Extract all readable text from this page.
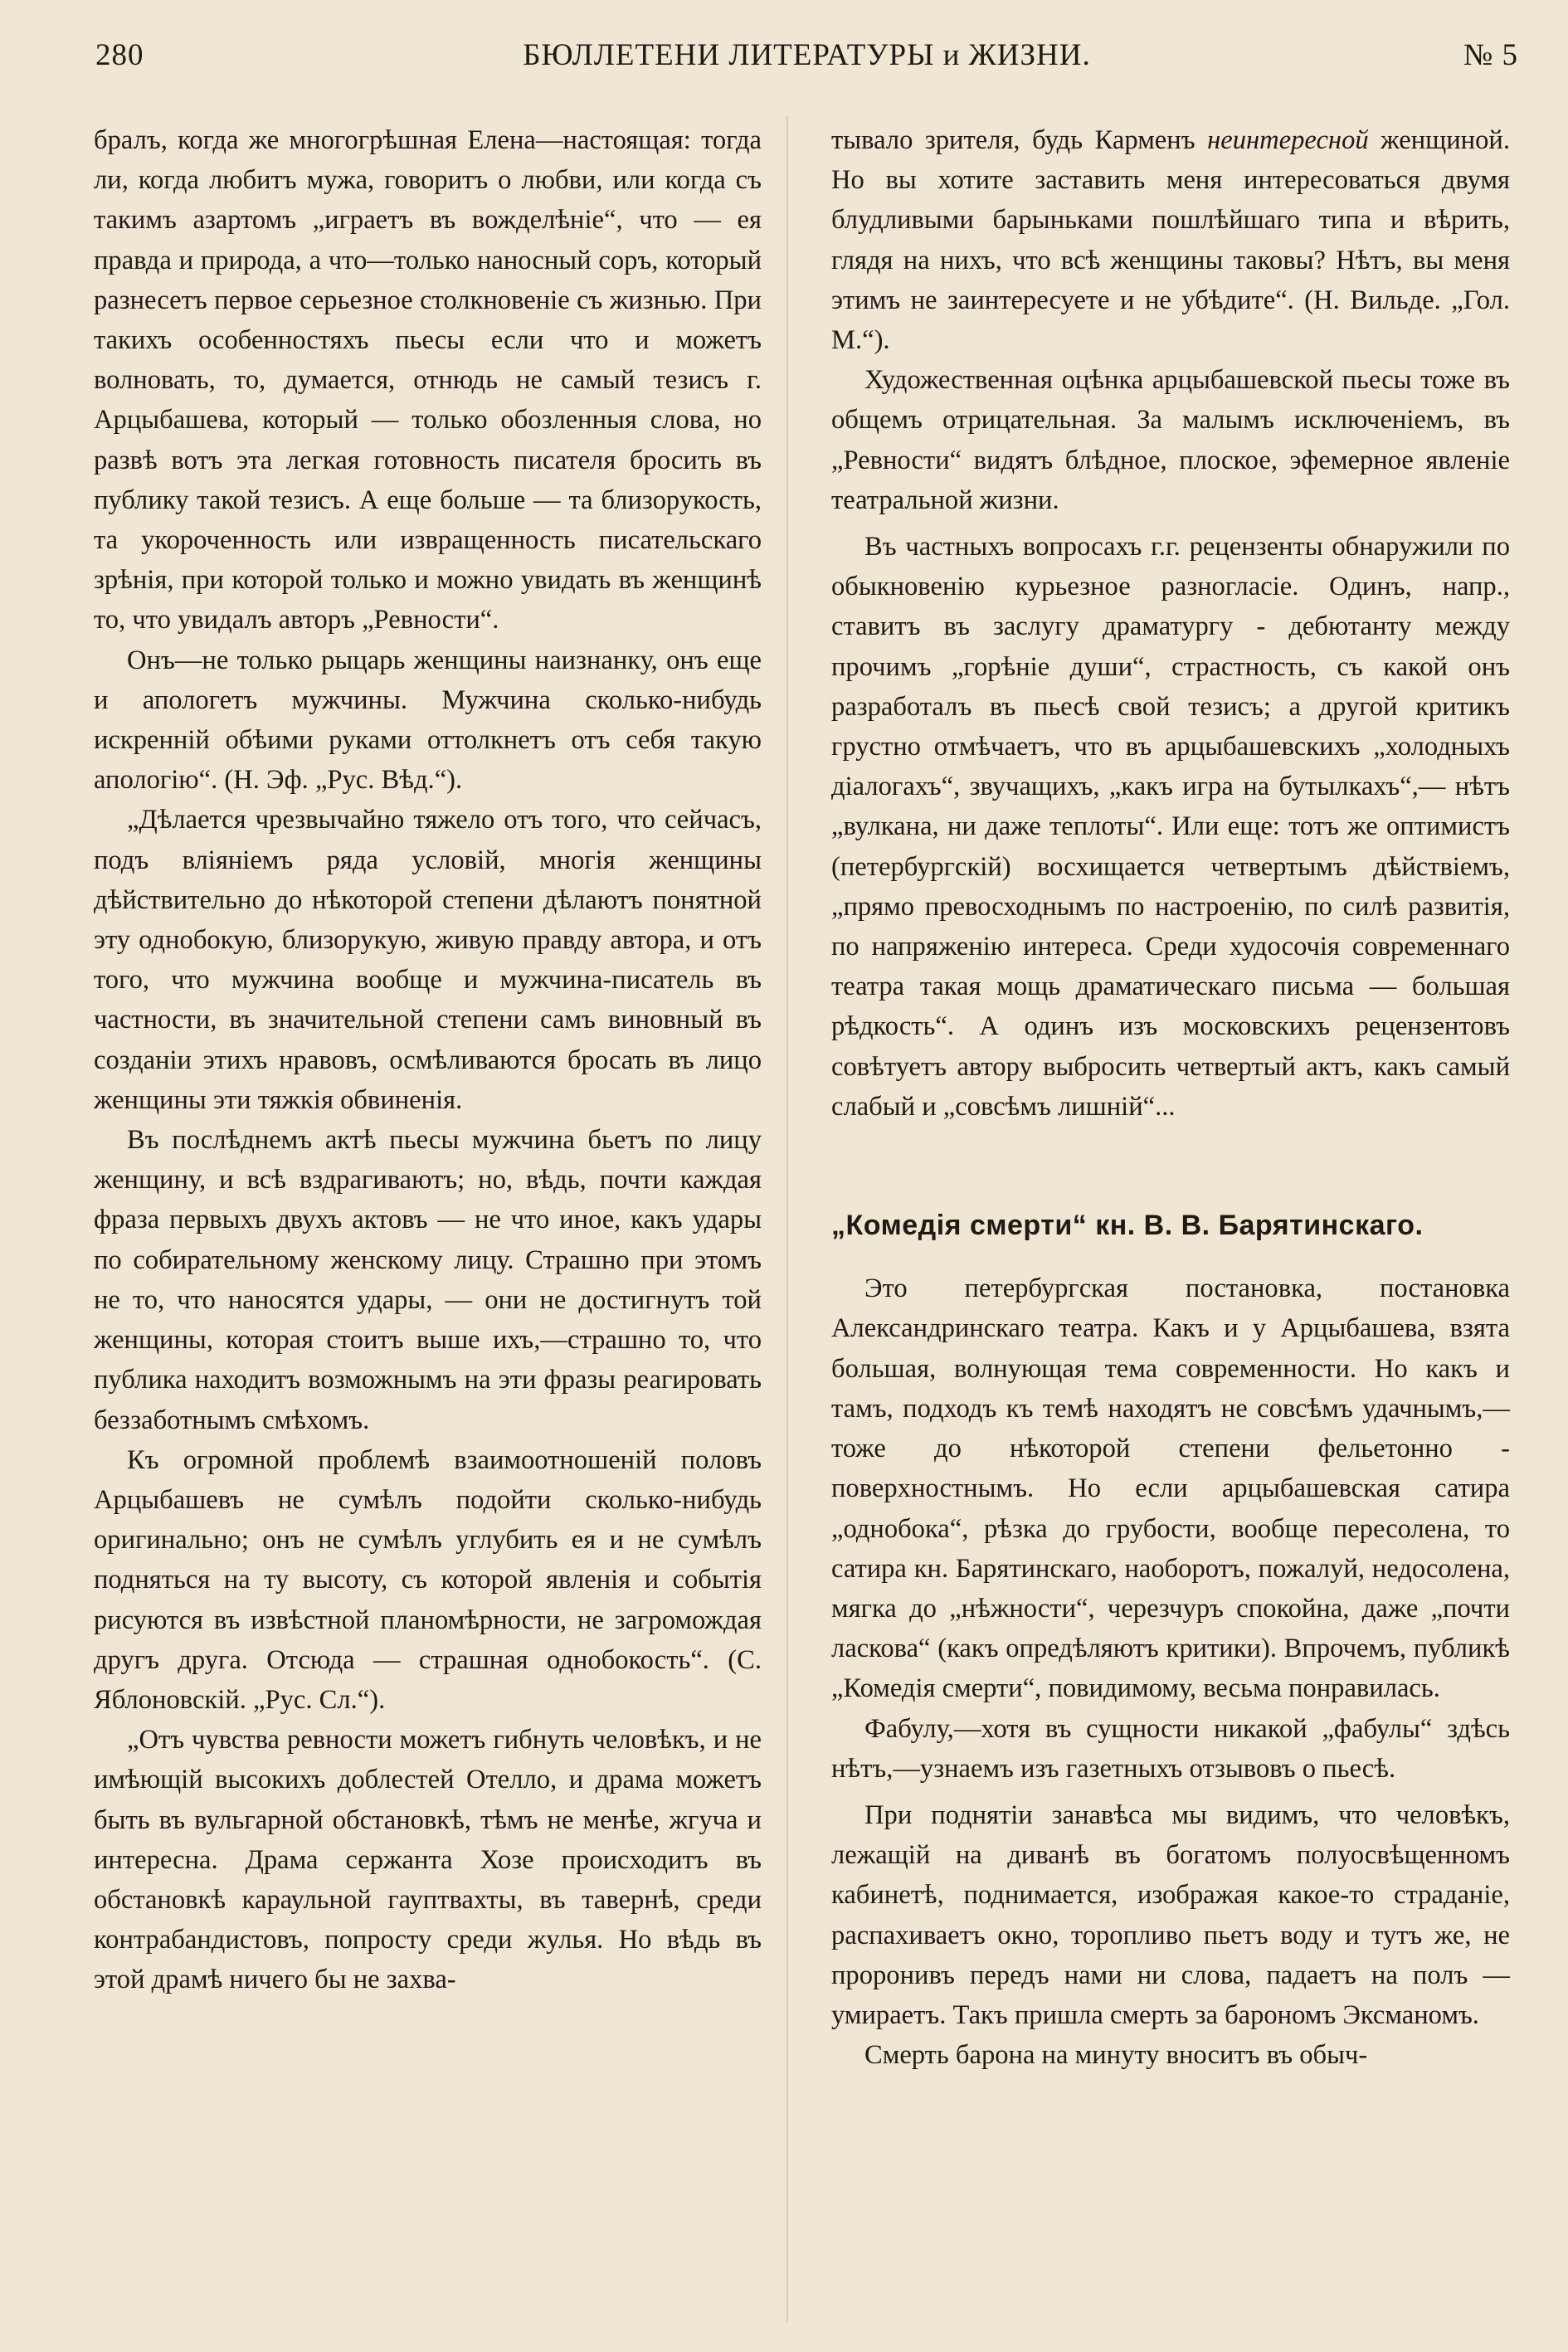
280	БЮЛЛЕТЕНИ ЛИТЕРАТУРЫ и ЖИЗНИ.	№ 5

бралъ, когда же многогрѣшная Елена—настоящая: тогда ли, когда любитъ мужа, говоритъ о любви, или когда съ такимъ азартомъ „играетъ въ вожделѣніе“, что — ея правда и природа, а что—только наносный соръ, который разнесетъ первое серьезное столкновеніе съ жизнью. При такихъ особенностяхъ пьесы если что и можетъ волновать, то, думается, отнюдь не самый тезисъ г. Арцыбашева, который — только обозленныя слова, но развѣ вотъ эта легкая готовность писателя бросить въ публику такой тезисъ. А еще больше — та близорукость, та укороченность или извращенность писательскаго зрѣнія, при которой только и можно увидать въ женщинѣ то, что увидалъ авторъ „Ревности“.

Онъ—не только рыцарь женщины наизнанку, онъ еще и апологетъ мужчины. Мужчина сколько-нибудь искренній обѣими руками оттолкнетъ отъ себя такую апологію“. (Н. Эф. „Рус. Вѣд.“).

„Дѣлается чрезвычайно тяжело отъ того, что сейчасъ, подъ вліяніемъ ряда условій, многія женщины дѣйствительно до нѣкоторой степени дѣлаютъ понятной эту однобокую, близорукую, живую правду автора, и отъ того, что мужчина вообще и мужчина-писатель въ частности, въ значительной степени самъ виновный въ созданіи этихъ нравовъ, осмѣливаются бросать въ лицо женщины эти тяжкія обвиненія.

Въ послѣднемъ актѣ пьесы мужчина бьетъ по лицу женщину, и всѣ вздрагиваютъ; но, вѣдь, почти каждая фраза первыхъ двухъ актовъ — не что иное, какъ удары по собирательному женскому лицу. Страшно при этомъ не то, что наносятся удары, — они не достигнутъ той женщины, которая стоитъ выше ихъ,—страшно то, что публика находитъ возможнымъ на эти фразы реагировать беззаботнымъ смѣхомъ.

Къ огромной проблемѣ взаимоотношеній половъ Арцыбашевъ не сумѣлъ подойти сколько-нибудь оригинально; онъ не сумѣлъ углубить ея и не сумѣлъ подняться на ту высоту, съ которой явленія и событія рисуются въ извѣстной планомѣрности, не загромождая другъ друга. Отсюда — страшная однобокость“. (С. Яблоновскій. „Рус. Сл.“).

„Отъ чувства ревности можетъ гибнуть человѣкъ, и не имѣющій высокихъ доблестей Отелло, и драма можетъ быть въ вульгарной обстановкѣ, тѣмъ не менѣе, жгуча и интересна. Драма сержанта Хозе происходитъ въ обстановкѣ караульной гауптвахты, въ тавернѣ, среди контрабандистовъ, попросту среди жулья. Но вѣдь въ этой драмѣ ничего бы не захва-

тывало зрителя, будь Карменъ неинтересной женщиной. Но вы хотите заставить меня интересоваться двумя блудливыми барыньками пошлѣйшаго типа и вѣрить, глядя на нихъ, что всѣ женщины таковы? Нѣтъ, вы меня этимъ не заинтересуете и не убѣдите“. (Н. Вильде. „Гол. М.“).

Художественная оцѣнка арцыбашевской пьесы тоже въ общемъ отрицательная. За малымъ исключеніемъ, въ „Ревности“ видятъ блѣдное, плоское, эфемерное явленіе театральной жизни.

Въ частныхъ вопросахъ г.г. рецензенты обнаружили по обыкновенію курьезное разногласіе. Одинъ, напр., ставитъ въ заслугу драматургу - дебютанту между прочимъ „горѣніе души“, страстность, съ какой онъ разработалъ въ пьесѣ свой тезисъ; а другой критикъ грустно отмѣчаетъ, что въ арцыбашевскихъ „холодныхъ діалогахъ“, звучащихъ, „какъ игра на бутылкахъ“,— нѣтъ „вулкана, ни даже теплоты“. Или еще: тотъ же оптимистъ (петербургскій) восхищается четвертымъ дѣйствіемъ, „прямо превосходнымъ по настроенію, по силѣ развитія, по напряженію интереса. Среди худосочія современнаго театра такая мощь драматическаго письма — большая рѣдкость“. А одинъ изъ московскихъ рецензентовъ совѣтуетъ автору выбросить четвертый актъ, какъ самый слабый и „совсѣмъ лишній“...

„Комедія смерти“ кн. В. В. Барятинскаго.

Это петербургская постановка, постановка Александринскаго театра. Какъ и у Арцыбашева, взята большая, волнующая тема современности. Но какъ и тамъ, подходъ къ темѣ находятъ не совсѣмъ удачнымъ,—тоже до нѣкоторой степени фельетонно - поверхностнымъ. Но если арцыбашевская сатира „однобока“, рѣзка до грубости, вообще пересолена, то сатира кн. Барятинскаго, наоборотъ, пожалуй, недосолена, мягка до „нѣжности“, черезчуръ спокойна, даже „почти ласкова“ (какъ опредѣляютъ критики). Впрочемъ, публикѣ „Комедія смерти“, повидимому, весьма понравилась.

Фабулу,—хотя въ сущности никакой „фабулы“ здѣсь нѣтъ,—узнаемъ изъ газетныхъ отзывовъ о пьесѣ.

При поднятіи занавѣса мы видимъ, что человѣкъ, лежащій на диванѣ въ богатомъ полуосвѣщенномъ кабинетѣ, поднимается, изображая какое-то страданіе, распахиваетъ окно, торопливо пьетъ воду и тутъ же, не проронивъ передъ нами ни слова, падаетъ на полъ — умираетъ. Такъ пришла смерть за барономъ Эксманомъ.

Смерть барона на минуту вноситъ въ обыч-
